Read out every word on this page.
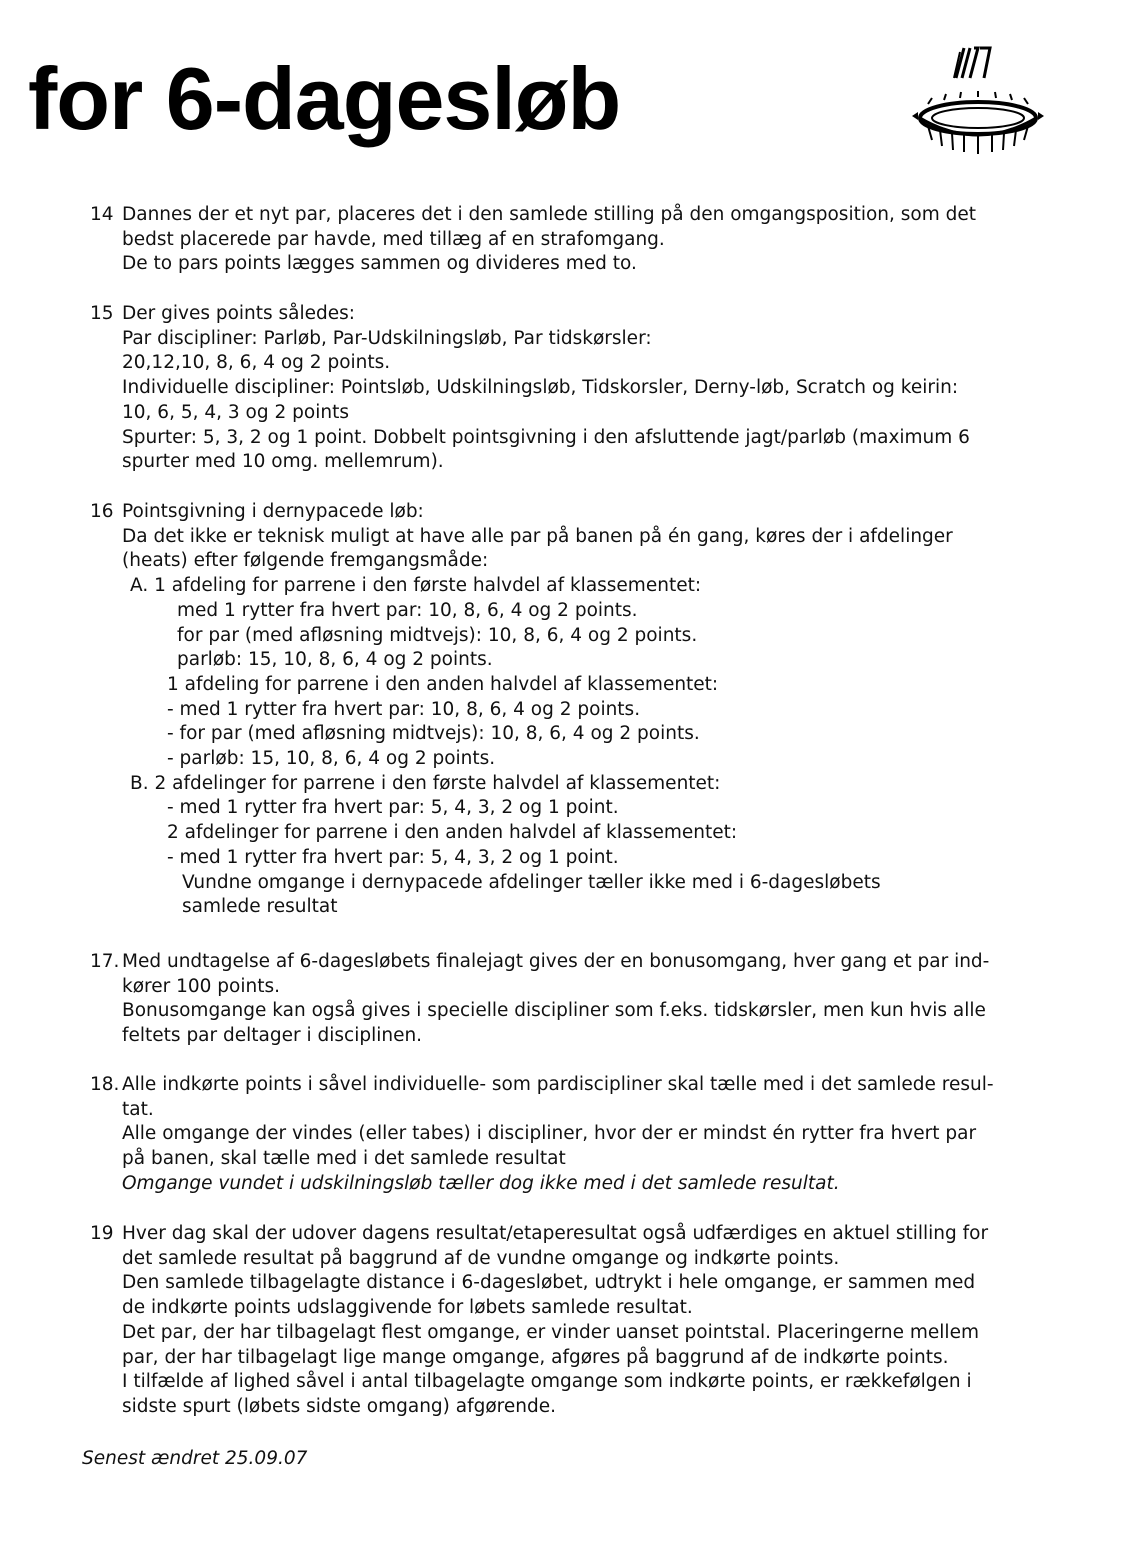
for 6-dagesløb
14 Dannes der et nyt par, placeres det i den samlede stilling på den omgangsposition, som det
bedst placerede par havde, med tillæg af en strafomgang.
De to pars points lægges sammen og divideres med to.
15 Der gives points således:
Par discipliner: Parløb, Par-Udskilningsløb, Par tidskørsler:
20,12,10, 8, 6, 4 og 2 points.
Individuelle discipliner: Pointsløb, Udskilningsløb, Tidskorsler, Derny-løb, Scratch og keirin:
10, 6, 5, 4, 3 og 2 points
Spurter: 5, 3, 2 og 1 point. Dobbelt pointsgivning i den afsluttende jagt/parløb (maximum 6
spurter med 10 omg. mellemrum).
16 Pointsgivning i dernypacede løb:
Da det ikke er teknisk muligt at have alle par på banen på én gang, køres der i afdelinger
(heats) efter følgende fremgangsmåde:
A. 1 afdeling for parrene i den første halvdel af klassementet:
med 1 rytter fra hvert par: 10, 8, 6, 4 og 2 points.
for par (med afløsning midtvejs): 10, 8, 6, 4 og 2 points.
parløb: 15, 10, 8, 6, 4 og 2 points.
1 afdeling for parrene i den anden halvdel af klassementet:
- med 1 rytter fra hvert par: 10, 8, 6, 4 og 2 points.
- for par (med afløsning midtvejs): 10, 8, 6, 4 og 2 points.
- parløb: 15, 10, 8, 6, 4 og 2 points.
B. 2 afdelinger for parrene i den første halvdel af klassementet:
- med 1 rytter fra hvert par: 5, 4, 3, 2 og 1 point.
2 afdelinger for parrene i den anden halvdel af klassementet:
- med 1 rytter fra hvert par: 5, 4, 3, 2 og 1 point.
Vundne omgange i dernypacede afdelinger tæller ikke med i 6-dagesløbets
samlede resultat
17. Med undtagelse af 6-dagesløbets finalejagt gives der en bonusomgang, hver gang et par ind-
kører 100 points.
Bonusomgange kan også gives i specielle discipliner som f.eks. tidskørsler, men kun hvis alle
feltets par deltager i disciplinen.
18. Alle indkørte points i såvel individuelle- som pardiscipliner skal tælle med i det samlede resul-
tat.
Alle omgange der vindes (eller tabes) i discipliner, hvor der er mindst én rytter fra hvert par
på banen, skal tælle med i det samlede resultat
Omgange vundet i udskilningsløb tæller dog ikke med i det samlede resultat.
19 Hver dag skal der udover dagens resultat/etaperesultat også udfærdiges en aktuel stilling for
det samlede resultat på baggrund af de vundne omgange og indkørte points.
Den samlede tilbagelagte distance i 6-dagesløbet, udtrykt i hele omgange, er sammen med
de indkørte points udslaggivende for løbets samlede resultat.
Det par, der har tilbagelagt flest omgange, er vinder uanset pointstal. Placeringerne mellem
par, der har tilbagelagt lige mange omgange, afgøres på baggrund af de indkørte points.
I tilfælde af lighed såvel i antal tilbagelagte omgange som indkørte points, er rækkefølgen i
sidste spurt (løbets sidste omgang) afgørende.
Senest ændret 25.09.07
